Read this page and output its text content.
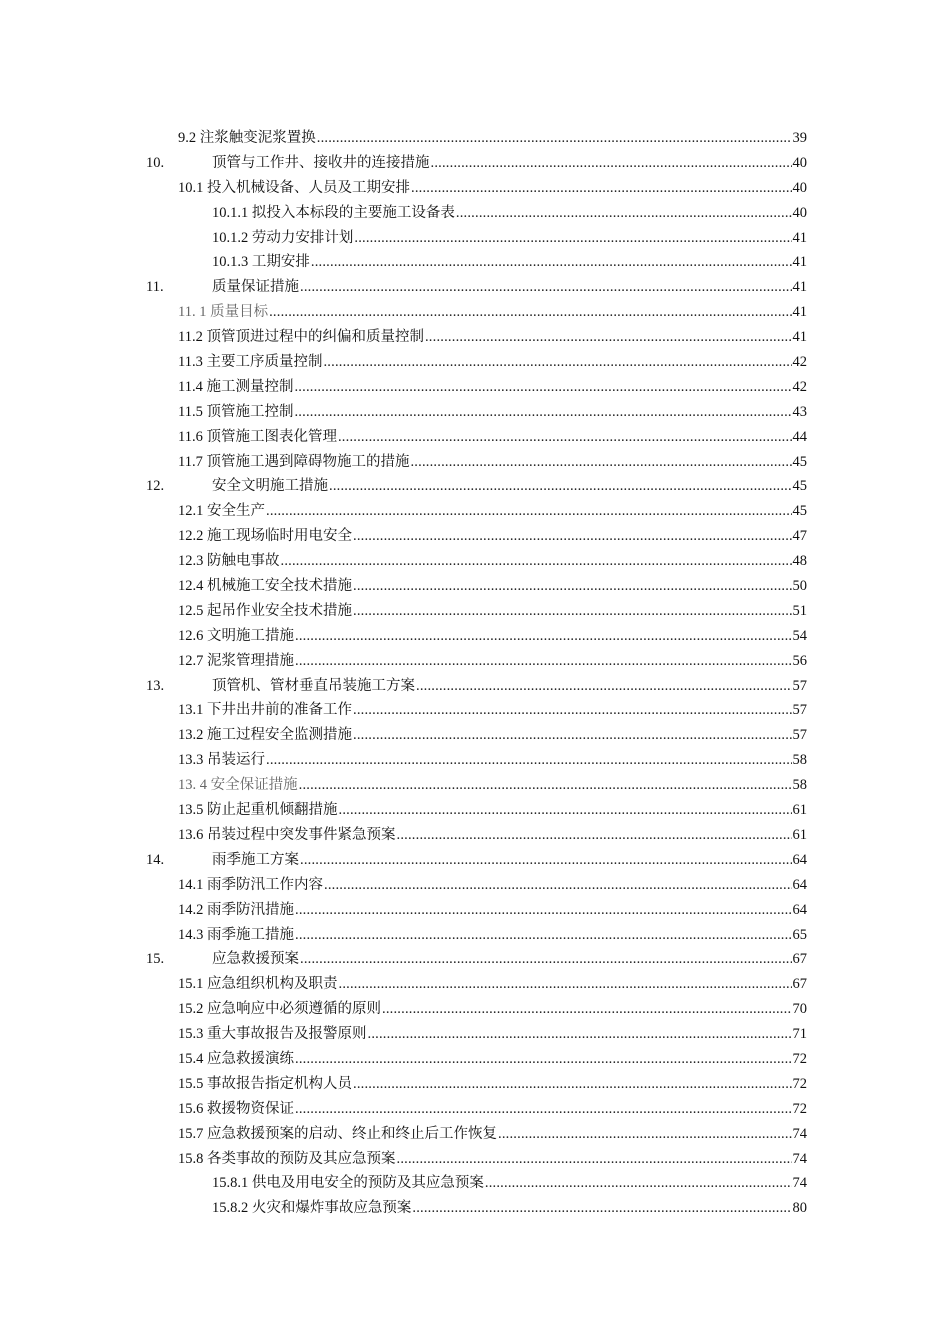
9.2 注浆触变泥浆置换 .....	39
10.	顶管与工作井、接收井的连接措施 .....	40
10.1 投入机械设备、人员及工期安排 .....	40
10.1.1 拟投入本标段的主要施工设备表 .....	40
10.1.2 劳动力安排计划 .....	41
10.1.3 工期安排 .....	41
11.	质量保证措施 .....	41
11. 1 质量目标 .....	41
11.2 顶管顶进过程中的纠偏和质量控制 .....	41
11.3 主要工序质量控制 .....	42
11.4 施工测量控制 .....	42
11.5 顶管施工控制 .....	43
11.6 顶管施工图表化管理 .....	44
11.7 顶管施工遇到障碍物施工的措施 .....	45
12.	安全文明施工措施 .....	45
12.1 安全生产 .....	45
12.2 施工现场临时用电安全 .....	47
12.3 防触电事故 .....	48
12.4 机械施工安全技术措施 .....	50
12.5 起吊作业安全技术措施 .....	51
12.6 文明施工措施 .....	54
12.7 泥浆管理措施 .....	56
13.	顶管机、管材垂直吊装施工方案 .....	57
13.1 下井出井前的准备工作 .....	57
13.2 施工过程安全监测措施 .....	57
13.3 吊装运行 .....	58
13. 4 安全保证措施 .....	58
13.5 防止起重机倾翻措施 .....	61
13.6 吊装过程中突发事件紧急预案 .....	61
14.	雨季施工方案 .....	64
14.1 雨季防汛工作内容 .....	64
14.2 雨季防汛措施 .....	64
14.3 雨季施工措施 .....	65
15.	应急救援预案 .....	67
15.1 应急组织机构及职责 .....	67
15.2 应急响应中必须遵循的原则 .....	70
15.3 重大事故报告及报警原则 .....	71
15.4 应急救援演练 .....	72
15.5 事故报告指定机构人员 .....	72
15.6 救援物资保证 .....	72
15.7 应急救援预案的启动、终止和终止后工作恢复 .....	74
15.8 各类事故的预防及其应急预案 .....	74
15.8.1 供电及用电安全的预防及其应急预案 .....	74
15.8.2 火灾和爆炸事故应急预案 .....	80
